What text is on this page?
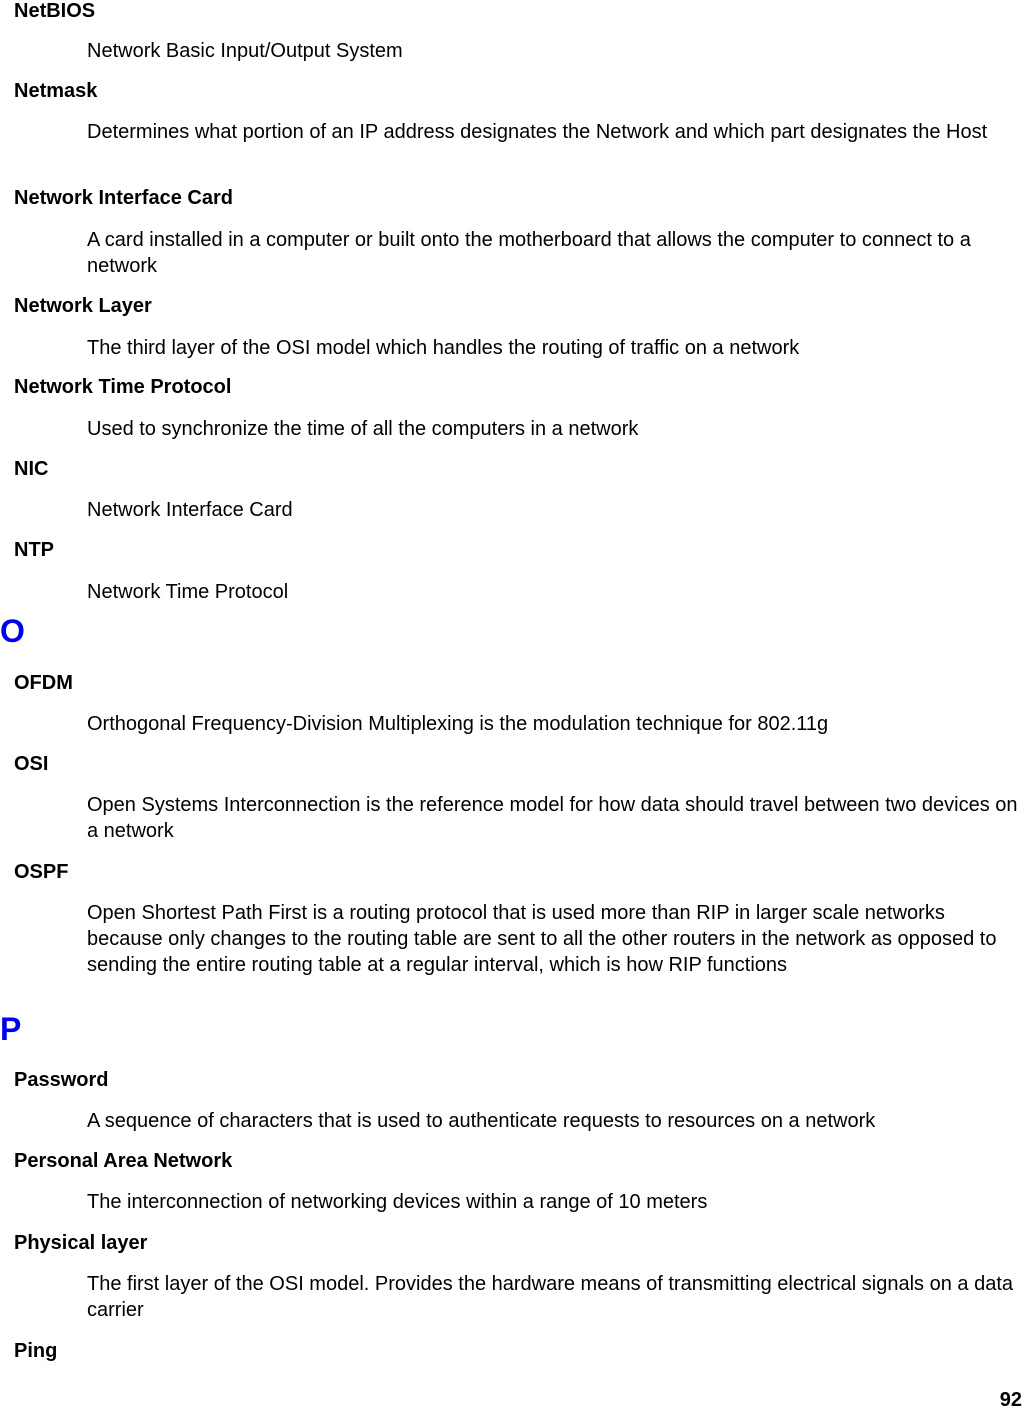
NetBIOS
Network Basic Input/Output System
Netmask
Determines what portion of an IP address designates the Network and which part designates the Host
Network Interface Card
A card installed in a computer or built onto the motherboard that allows the computer to connect to a network
Network Layer
The third layer of the OSI model which handles the routing of traffic on a network
Network Time Protocol
Used to synchronize the time of all the computers in a network
NIC
Network Interface Card
NTP
Network Time Protocol
O
OFDM
Orthogonal Frequency-Division Multiplexing is the modulation technique for 802.11g
OSI
Open Systems Interconnection is the reference model for how data should travel between two devices on a network
OSPF
Open Shortest Path First is a routing protocol that is used more than RIP in larger scale networks because only changes to the routing table are sent to all the other routers in the network as opposed to sending the entire routing table at a regular interval, which is how RIP functions
P
Password
A sequence of characters that is used to authenticate requests to resources on a network
Personal Area Network
The interconnection of networking devices within a range of 10 meters
Physical layer
The first layer of the OSI model. Provides the hardware means of transmitting electrical signals on a data carrier
Ping
92
